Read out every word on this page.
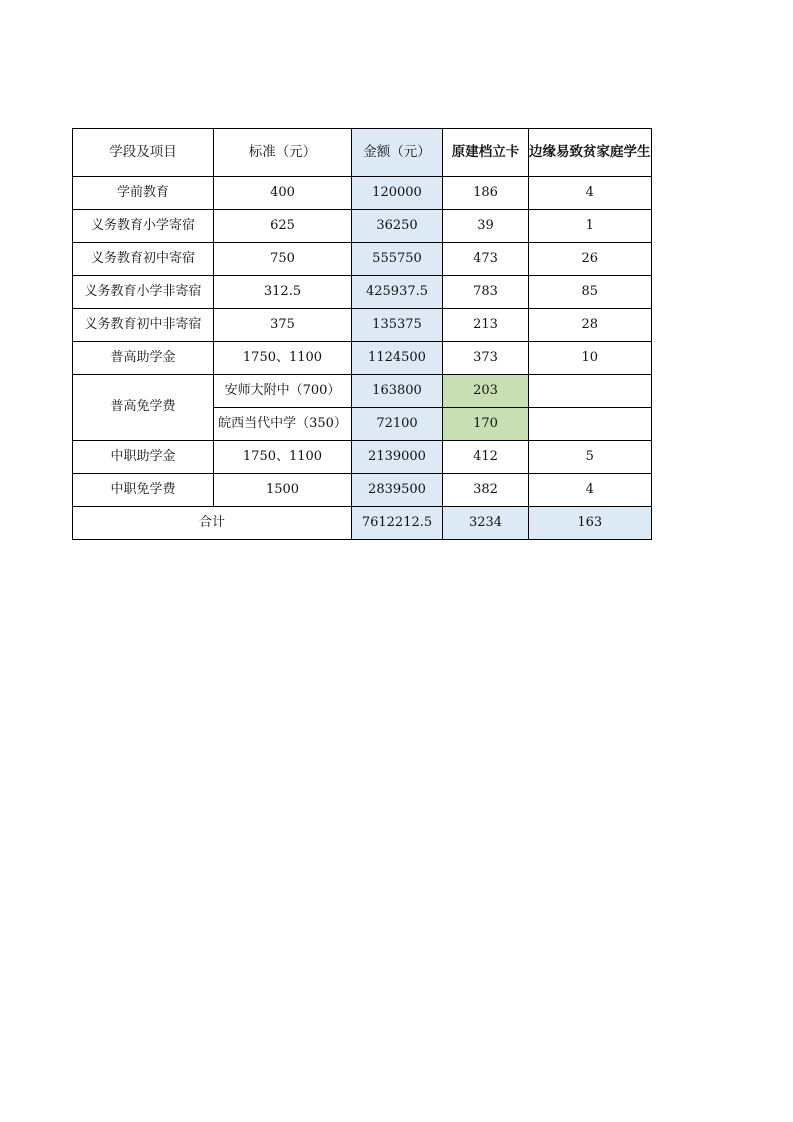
学段及项目	标准（元）	金额（元）	原建档立卡	边缘易致贫家庭学生
学前教育	400	120000	186	4
义务教育小学寄宿	625	36250	39	1
义务教育初中寄宿	750	555750	473	26
义务教育小学非寄宿	312.5	425937.5	783	85
义务教育初中非寄宿	375	135375	213	28
普高助学金	1750、1100	1124500	373	10
普高免学费	安师大附中（700）	163800	203	
	皖西当代中学（350）	72100	170	
中职助学金	1750、1100	2139000	412	5
中职免学费	1500	2839500	382	4
合计		7612212.5	3234	163
